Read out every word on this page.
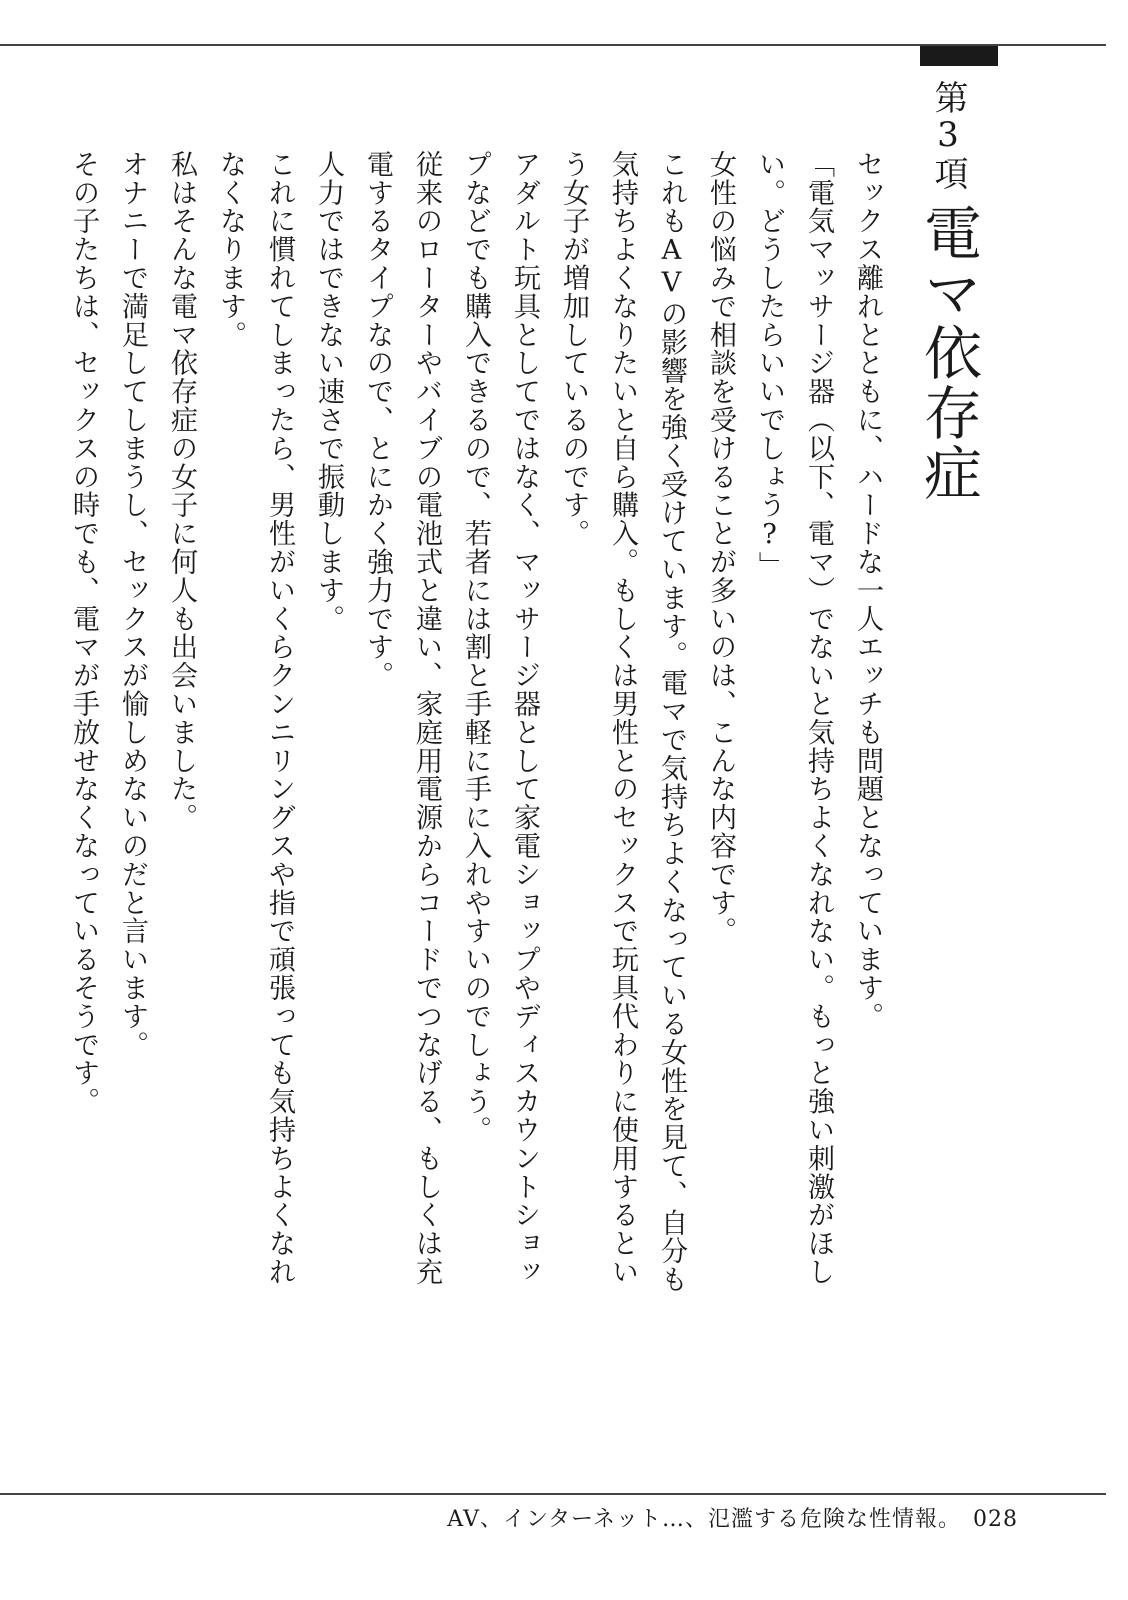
第3項電マ依存症

セックス離れとともに、ハードな一人エッチも問題となっています。

「電気マッサージ器（以下、電マ）でないと気持ちよくなれない。もっと強い刺激がほしい。どうしたらいいでしょう?」

女性の悩みで相談を受けることが多いのは、こんな内容です。

これもAVの影響を強く受けています。電マで気持ちよくなっている女性を見て、自分も気持ちよくなりたいと自ら購入。もしくは男性とのセックスで玩具代わりに使用するという女子が増加しているのです。

アダルト玩具としてではなく、マッサージ器として家電ショップやディスカウントショップなどでも購入できるので、若者には割と手軽に手に入れやすいのでしょう。

従来のローターやバイブの電池式と違い、家庭用電源からコードでつなげる、もしくは充電するタイプなので、とにかく強力です。

人力ではできない速さで振動します。

これに慣れてしまったら、男性がいくらクンニリングスや指で頑張っても気持ちよくなれなくなります。

私はそんな電マ依存症の女子に何人も出会いました。

オナニーで満足してしまうし、セックスが愉しめないのだと言います。

その子たちは、セックスの時でも、電マが手放せなくなっているそうです。

AV、インターネット…、氾濫する危険な性情報。 028
